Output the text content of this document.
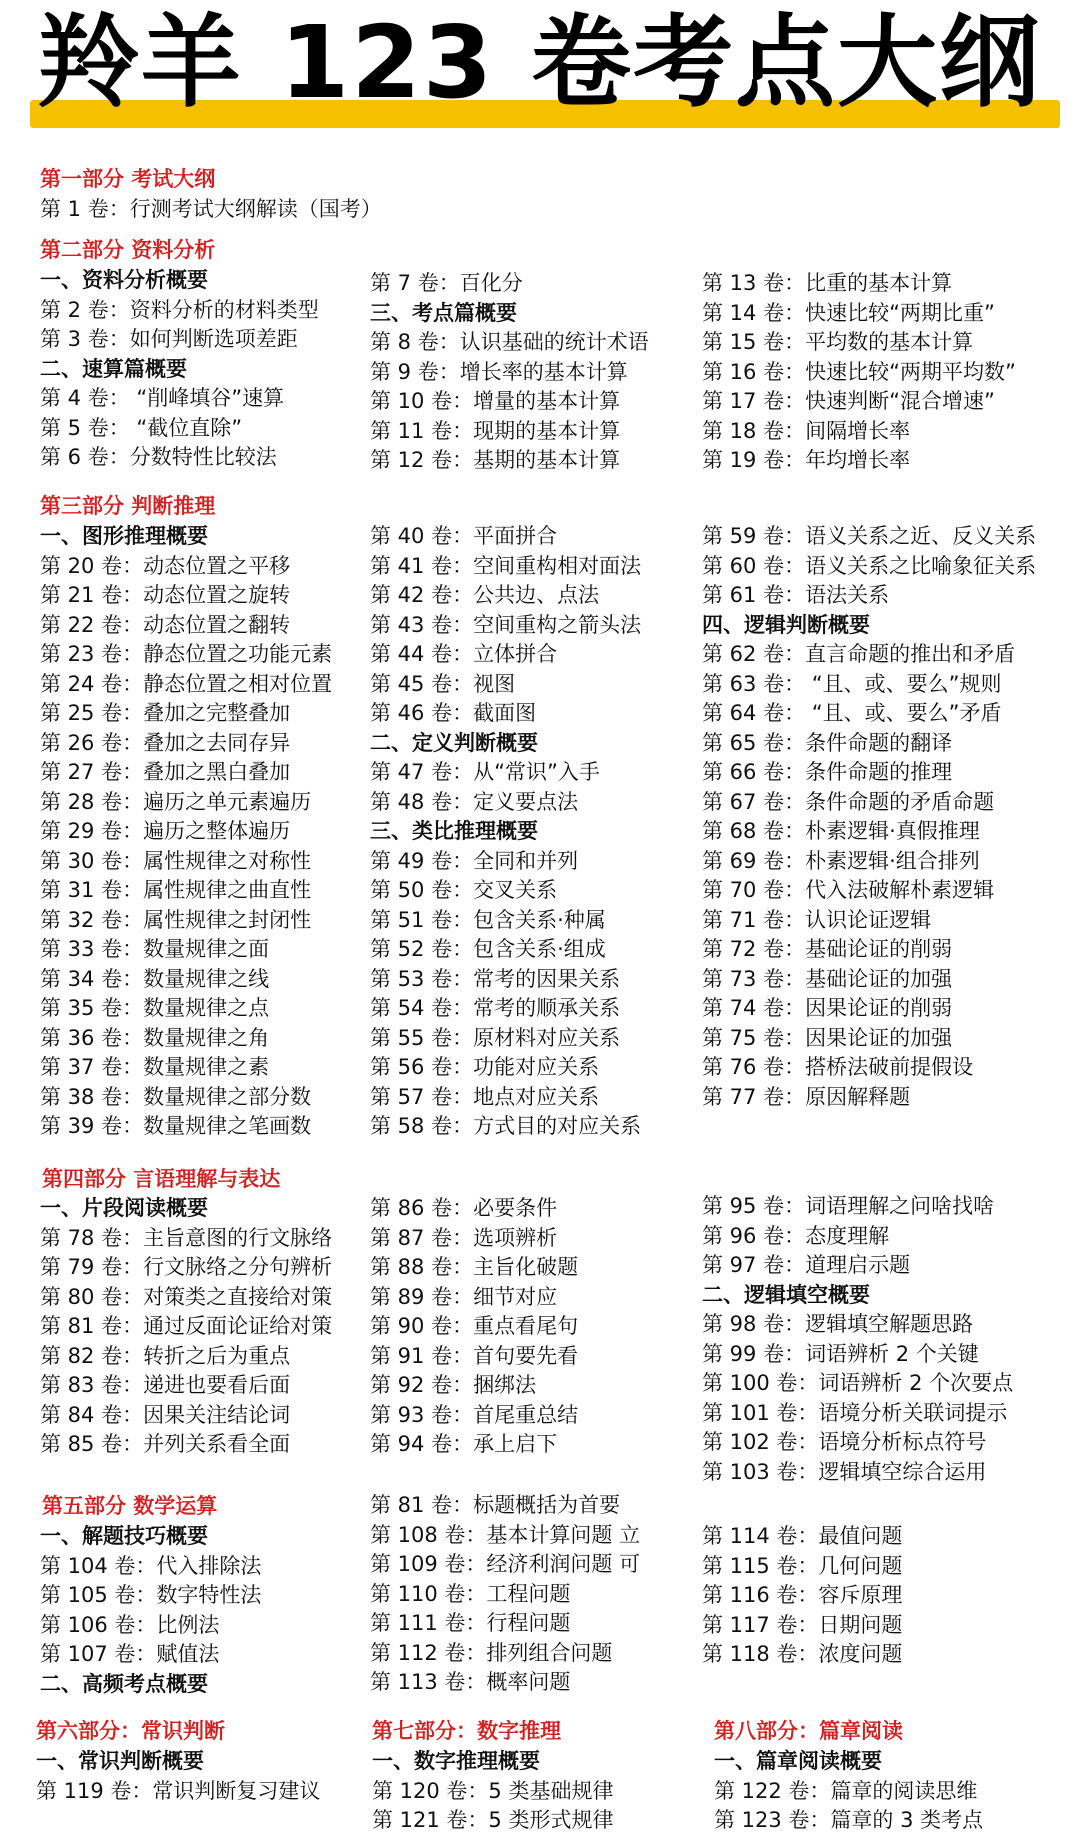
羚羊 123 卷考点大纲
第一部分 考试大纲
第 1 卷：行测考试大纲解读（国考）
第二部分 资料分析
一、资料分析概要
第 2 卷：资料分析的材料类型
第 3 卷：如何判断选项差距
二、速算篇概要
第 4 卷： “削峰填谷”速算
第 5 卷： “截位直除”
第 6 卷：分数特性比较法
第 7 卷：百化分
三、考点篇概要
第 8 卷：认识基础的统计术语
第 9 卷：增长率的基本计算
第 10 卷：增量的基本计算
第 11 卷：现期的基本计算
第 12 卷：基期的基本计算
第 13 卷：比重的基本计算
第 14 卷：快速比较“两期比重”
第 15 卷：平均数的基本计算
第 16 卷：快速比较“两期平均数”
第 17 卷：快速判断“混合增速”
第 18 卷：间隔增长率
第 19 卷：年均增长率
第三部分 判断推理
一、图形推理概要
第 20 卷：动态位置之平移
第 21 卷：动态位置之旋转
第 22 卷：动态位置之翻转
第 23 卷：静态位置之功能元素
第 24 卷：静态位置之相对位置
第 25 卷：叠加之完整叠加
第 26 卷：叠加之去同存异
第 27 卷：叠加之黑白叠加
第 28 卷：遍历之单元素遍历
第 29 卷：遍历之整体遍历
第 30 卷：属性规律之对称性
第 31 卷：属性规律之曲直性
第 32 卷：属性规律之封闭性
第 33 卷：数量规律之面
第 34 卷：数量规律之线
第 35 卷：数量规律之点
第 36 卷：数量规律之角
第 37 卷：数量规律之素
第 38 卷：数量规律之部分数
第 39 卷：数量规律之笔画数
第 40 卷：平面拼合
第 41 卷：空间重构相对面法
第 42 卷：公共边、点法
第 43 卷：空间重构之箭头法
第 44 卷：立体拼合
第 45 卷：视图
第 46 卷：截面图
二、定义判断概要
第 47 卷：从“常识”入手
第 48 卷：定义要点法
三、类比推理概要
第 49 卷：全同和并列
第 50 卷：交叉关系
第 51 卷：包含关系·种属
第 52 卷：包含关系·组成
第 53 卷：常考的因果关系
第 54 卷：常考的顺承关系
第 55 卷：原材料对应关系
第 56 卷：功能对应关系
第 57 卷：地点对应关系
第 58 卷：方式目的对应关系
第 59 卷：语义关系之近、反义关系
第 60 卷：语义关系之比喻象征关系
第 61 卷：语法关系
四、逻辑判断概要
第 62 卷：直言命题的推出和矛盾
第 63 卷： “且、或、要么”规则
第 64 卷： “且、或、要么”矛盾
第 65 卷：条件命题的翻译
第 66 卷：条件命题的推理
第 67 卷：条件命题的矛盾命题
第 68 卷：朴素逻辑·真假推理
第 69 卷：朴素逻辑·组合排列
第 70 卷：代入法破解朴素逻辑
第 71 卷：认识论证逻辑
第 72 卷：基础论证的削弱
第 73 卷：基础论证的加强
第 74 卷：因果论证的削弱
第 75 卷：因果论证的加强
第 76 卷：搭桥法破前提假设
第 77 卷：原因解释题
第四部分 言语理解与表达
一、片段阅读概要
第 78 卷：主旨意图的行文脉络
第 79 卷：行文脉络之分句辨析
第 80 卷：对策类之直接给对策
第 81 卷：通过反面论证给对策
第 82 卷：转折之后为重点
第 83 卷：递进也要看后面
第 84 卷：因果关注结论词
第 85 卷：并列关系看全面
第 86 卷：必要条件
第 87 卷：选项辨析
第 88 卷：主旨化破题
第 89 卷：细节对应
第 90 卷：重点看尾句
第 91 卷：首句要先看
第 92 卷：捆绑法
第 93 卷：首尾重总结
第 94 卷：承上启下
第 95 卷：词语理解之问啥找啥
第 96 卷：态度理解
第 97 卷：道理启示题
二、逻辑填空概要
第 98 卷：逻辑填空解题思路
第 99 卷：词语辨析 2 个关键
第 100 卷：词语辨析 2 个次要点
第 101 卷：语境分析关联词提示
第 102 卷：语境分析标点符号
第 103 卷：逻辑填空综合运用
第五部分 数学运算
一、解题技巧概要
第 104 卷：代入排除法
第 105 卷：数字特性法
第 106 卷：比例法
第 107 卷：赋值法
二、高频考点概要
第 81 卷：标题概括为首要
第 108 卷：基本计算问题 立
第 109 卷：经济利润问题 可
第 110 卷：工程问题
第 111 卷：行程问题
第 112 卷：排列组合问题
第 113 卷：概率问题
第 114 卷：最值问题
第 115 卷：几何问题
第 116 卷：容斥原理
第 117 卷：日期问题
第 118 卷：浓度问题
第六部分：常识判断
一、常识判断概要
第 119 卷：常识判断复习建议
第七部分：数字推理
一、数字推理概要
第 120 卷：5 类基础规律
第 121 卷：5 类形式规律
第八部分：篇章阅读
一、篇章阅读概要
第 122 卷：篇章的阅读思维
第 123 卷：篇章的 3 类考点
